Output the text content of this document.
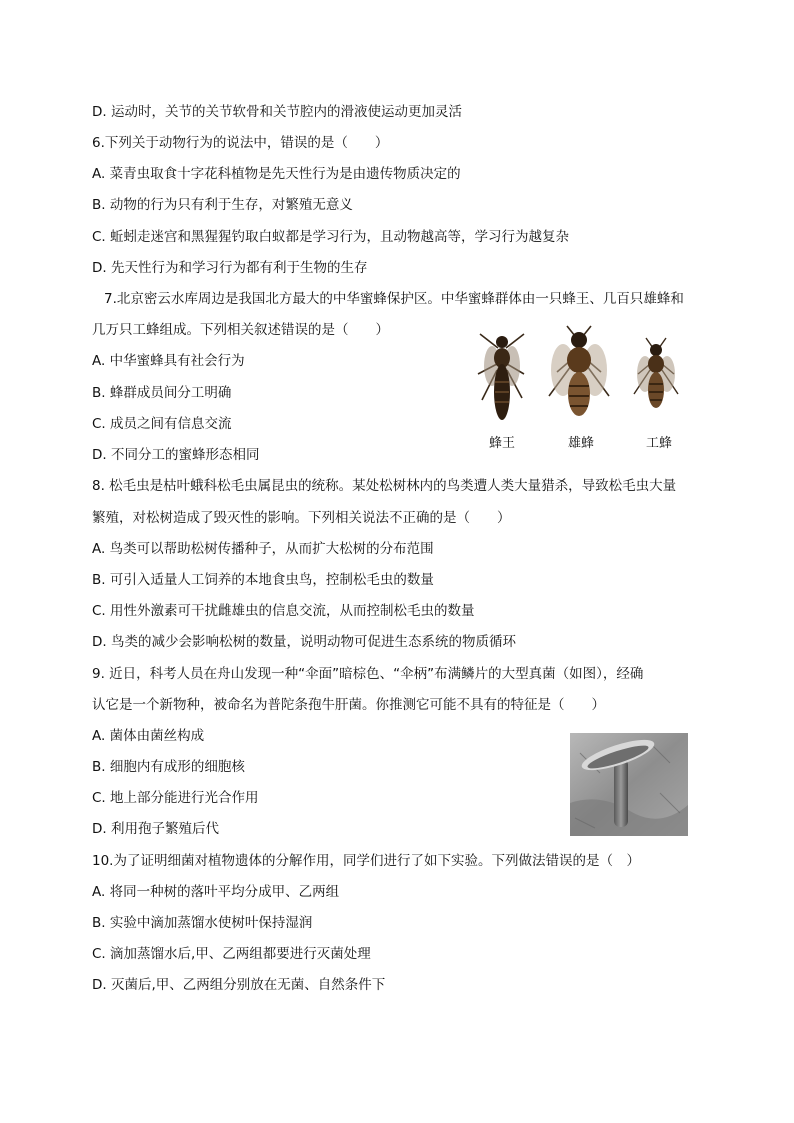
D. 运动时，关节的关节软骨和关节腔内的滑液使运动更加灵活
6.下列关于动物行为的说法中，错误的是（　　）
A. 菜青虫取食十字花科植物是先天性行为是由遗传物质决定的
B. 动物的行为只有利于生存，对繁殖无意义
C. 蚯蚓走迷宫和黑猩猩钓取白蚁都是学习行为，且动物越高等，学习行为越复杂
D. 先天性行为和学习行为都有利于生物的生存
7.北京密云水库周边是我国北方最大的中华蜜蜂保护区。中华蜜蜂群体由一只蜂王、几百只雄蜂和
几万只工蜂组成。下列相关叙述错误的是（　　）
A. 中华蜜蜂具有社会行为
B. 蜂群成员间分工明确
C. 成员之间有信息交流
D. 不同分工的蜜蜂形态相同
蜂王	雄蜂	工蜂
8. 松毛虫是枯叶蛾科松毛虫属昆虫的统称。某处松树林内的鸟类遭人类大量猎杀，导致松毛虫大量
繁殖，对松树造成了毁灭性的影响。下列相关说法不正确的是（　　）
A. 鸟类可以帮助松树传播种子，从而扩大松树的分布范围
B. 可引入适量人工饲养的本地食虫鸟，控制松毛虫的数量
C. 用性外激素可干扰雌雄虫的信息交流，从而控制松毛虫的数量
D. 鸟类的减少会影响松树的数量，说明动物可促进生态系统的物质循环
9. 近日，科考人员在舟山发现一种“伞面”暗棕色、“伞柄”布满鳞片的大型真菌（如图），经确
认它是一个新物种，被命名为普陀条孢牛肝菌。你推测它可能不具有的特征是（　　）
A. 菌体由菌丝构成
B. 细胞内有成形的细胞核
C. 地上部分能进行光合作用
D. 利用孢子繁殖后代
10.为了证明细菌对植物遗体的分解作用，同学们进行了如下实验。下列做法错误的是（　）
A. 将同一种树的落叶平均分成甲、乙两组
B. 实验中滴加蒸馏水使树叶保持湿润
C. 滴加蒸馏水后,甲、乙两组都要进行灭菌处理
D. 灭菌后,甲、乙两组分别放在无菌、自然条件下
